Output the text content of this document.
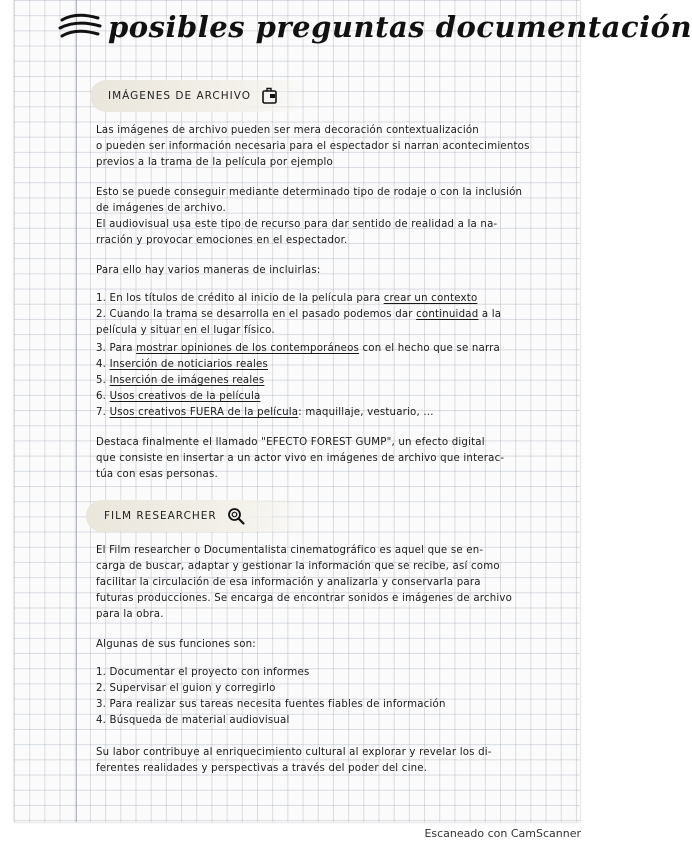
posibles preguntas documentación
IMÁGENES DE ARCHIVO
Las imágenes de archivo pueden ser mera decoración contextualización
o pueden ser información necesaria para el espectador si narran acontecimientos
previos a la trama de la película por ejemplo
Esto se puede conseguir mediante determinado tipo de rodaje o con la inclusión
de imágenes de archivo.
El audiovisual usa este tipo de recurso para dar sentido de realidad a la na-
rración y provocar emociones en el espectador.
Para ello hay varios maneras de incluirlas:
1. En los títulos de crédito al inicio de la película para crear un contexto
2. Cuando la trama se desarrolla en el pasado podemos dar continuidad a la
película y situar en el lugar físico.
3. Para mostrar opiniones de los contemporáneos con el hecho que se narra
4. Inserción de noticiarios reales
5. Inserción de imágenes reales
6. Usos creativos de la película
7. Usos creativos FUERA de la película: maquillaje, vestuario, ...
Destaca finalmente el llamado "EFECTO FOREST GUMP", un efecto digital
que consiste en insertar a un actor vivo en imágenes de archivo que interac-
túa con esas personas.
FILM RESEARCHER
El Film researcher o Documentalista cinematográfico es aquel que se en-
carga de buscar, adaptar y gestionar la información que se recibe, así como
facilitar la circulación de esa información y analizarla y conservarla para
futuras producciones. Se encarga de encontrar sonidos e imágenes de archivo
para la obra.
Algunas de sus funciones son:
1. Documentar el proyecto con informes
2. Supervisar el guion y corregirlo
3. Para realizar sus tareas necesita fuentes fiables de información
4. Búsqueda de material audiovisual
Su labor contribuye al enriquecimiento cultural al explorar y revelar los di-
ferentes realidades y perspectivas a través del poder del cine.
Escaneado con CamScanner
